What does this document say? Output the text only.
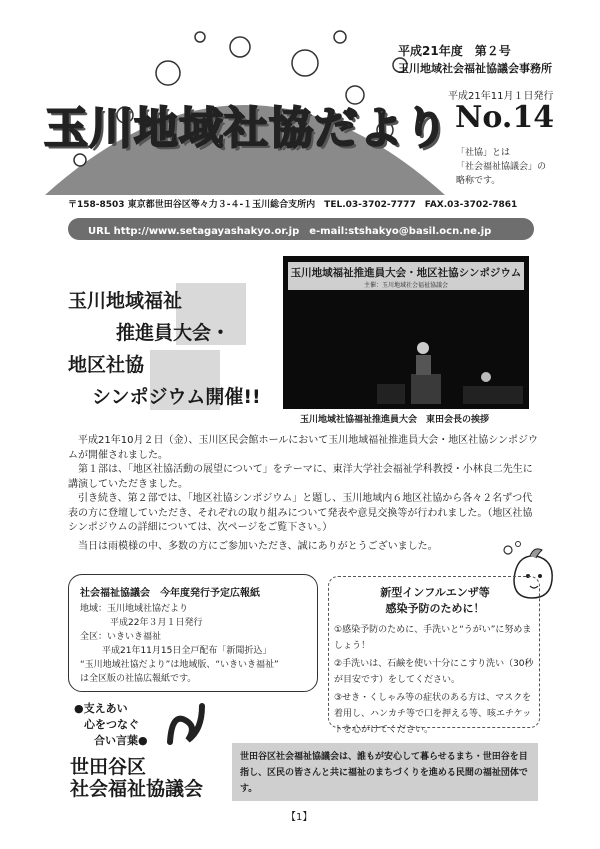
玉川地域社協だより
平成21年度　第２号
玉川地域社会福祉協議会事務所
平成21年11月１日発行
No.14
「社協」とは
「社会福祉協議会」の
略称です。
〒158-8503 東京都世田谷区等々力３-４-１玉川総合支所内　TEL.03-3702-7777　FAX.03-3702-7861
URL http://www.setagayashakyo.or.jp　e-mail:stshakyo@basil.ocn.ne.jp
玉川地域福祉
推進員大会・
地区社協
シンポジウム開催!!
玉川地域福祉推進員大会・地区社協シンポジウム
主催：玉川地域社会福祉協議会
玉川地域社協福祉推進員大会　東田会長の挨拶
平成21年10月２日（金）、玉川区民会館ホールにおいて玉川地域福祉推進員大会・地区社協シンポジウムが開催されました。
第１部は、「地区社協活動の展望について」をテーマに、東洋大学社会福祉学科教授・小林良二先生に講演していただきました。
引き続き、第２部では、「地区社協シンポジウム」と題し、玉川地域内６地区社協から各々２名ずつ代表の方に登壇していただき、それぞれの取り組みについて発表や意見交換等が行われました。（地区社協シンポジウムの詳細については、次ページをご覧下さい。）
当日は雨模様の中、多数の方にご参加いただき、誠にありがとうございました。
社会福祉協議会　今年度発行予定広報紙
地域：玉川地域社協だより
平成22年３月１日発行
全区：いきいき福祉
平成21年11月15日全戸配布「新聞折込」
“玉川地域社協だより”は地域版、“いきいき福祉”
は全区版の社協広報紙です。
新型インフルエンザ等
感染予防のために！
①感染予防のために、手洗いと“うがい”に努めましょう！
②手洗いは、石鹸を使い十分にこすり洗い（30秒が目安です）をしてください。
③せき・くしゃみ等の症状のある方は、マスクを着用し、ハンカチ等で口を押える等、咳エチケットを心がけてください。
●支えあい
心をつなぐ
合い言葉●
世田谷区
社会福祉協議会
世田谷区社会福祉協議会は、誰もが安心して暮らせるまち・世田谷を目指し、区民の皆さんと共に福祉のまちづくりを進める民間の福祉団体です。
【1】
